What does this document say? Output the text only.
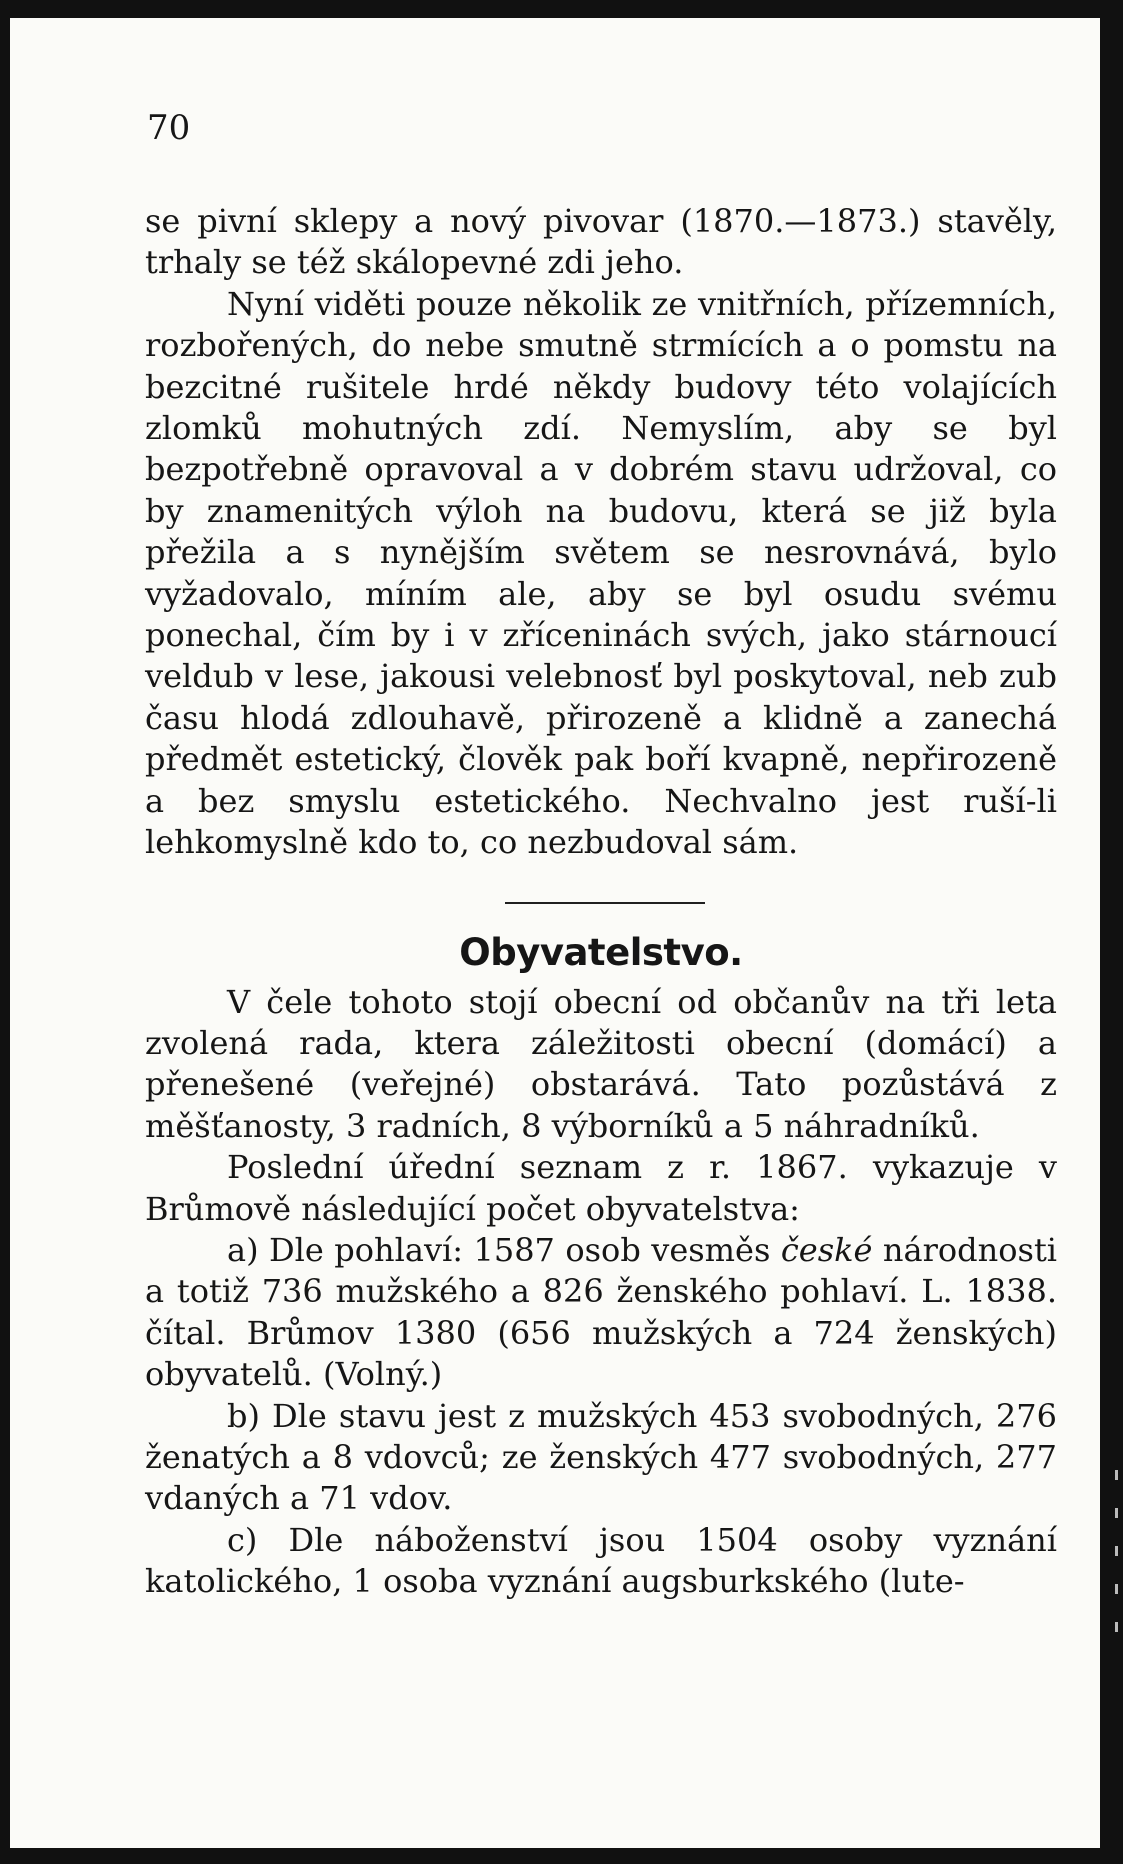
70

se pivní sklepy a nový pivovar (1870.—1873.) stavěly, trhaly se též skálopevné zdi jeho.

Nyní viděti pouze několik ze vnitřních, přízemních, rozbořených, do nebe smutně strmících a o pomstu na bezcitné rušitele hrdé někdy budovy této volajících zlomků mohutných zdí. Nemyslím, aby se byl bezpotřebně opravoval a v dobrém stavu udržoval, co by znamenitých výloh na budovu, která se již byla přežila a s nynějším světem se nesrovnává, bylo vyžadovalo, míním ale, aby se byl osudu svému ponechal, čím by i v zříceninách svých, jako stárnoucí veldub v lese, jakousi velebnosť byl poskytoval, neb zub času hlodá zdlouhavě, přirozeně a klidně a zanechá předmět estetický, člověk pak boří kvapně, nepřirozeně a bez smyslu estetického. Nechvalno jest ruší-li lehkomyslně kdo to, co nezbudoval sám.

Obyvatelstvo.

V čele tohoto stojí obecní od občanův na tři leta zvolená rada, ktera záležitosti obecní (domácí) a přenešené (veřejné) obstarává. Tato pozůstává z měšťanosty, 3 radních, 8 výborníků a 5 náhradníků.

Poslední úřední seznam z r. 1867. vykazuje v Brůmově následující počet obyvatelstva:

a) Dle pohlaví: 1587 osob vesměs české národnosti a totiž 736 mužského a 826 ženského pohlaví. L. 1838. čítal. Brůmov 1380 (656 mužských a 724 ženských) obyvatelů. (Volný.)

b) Dle stavu jest z mužských 453 svobodných, 276 ženatých a 8 vdovců; ze ženských 477 svobodných, 277 vdaných a 71 vdov.

c) Dle náboženství jsou 1504 osoby vyznání katolického, 1 osoba vyznání augsburkského (lute-
